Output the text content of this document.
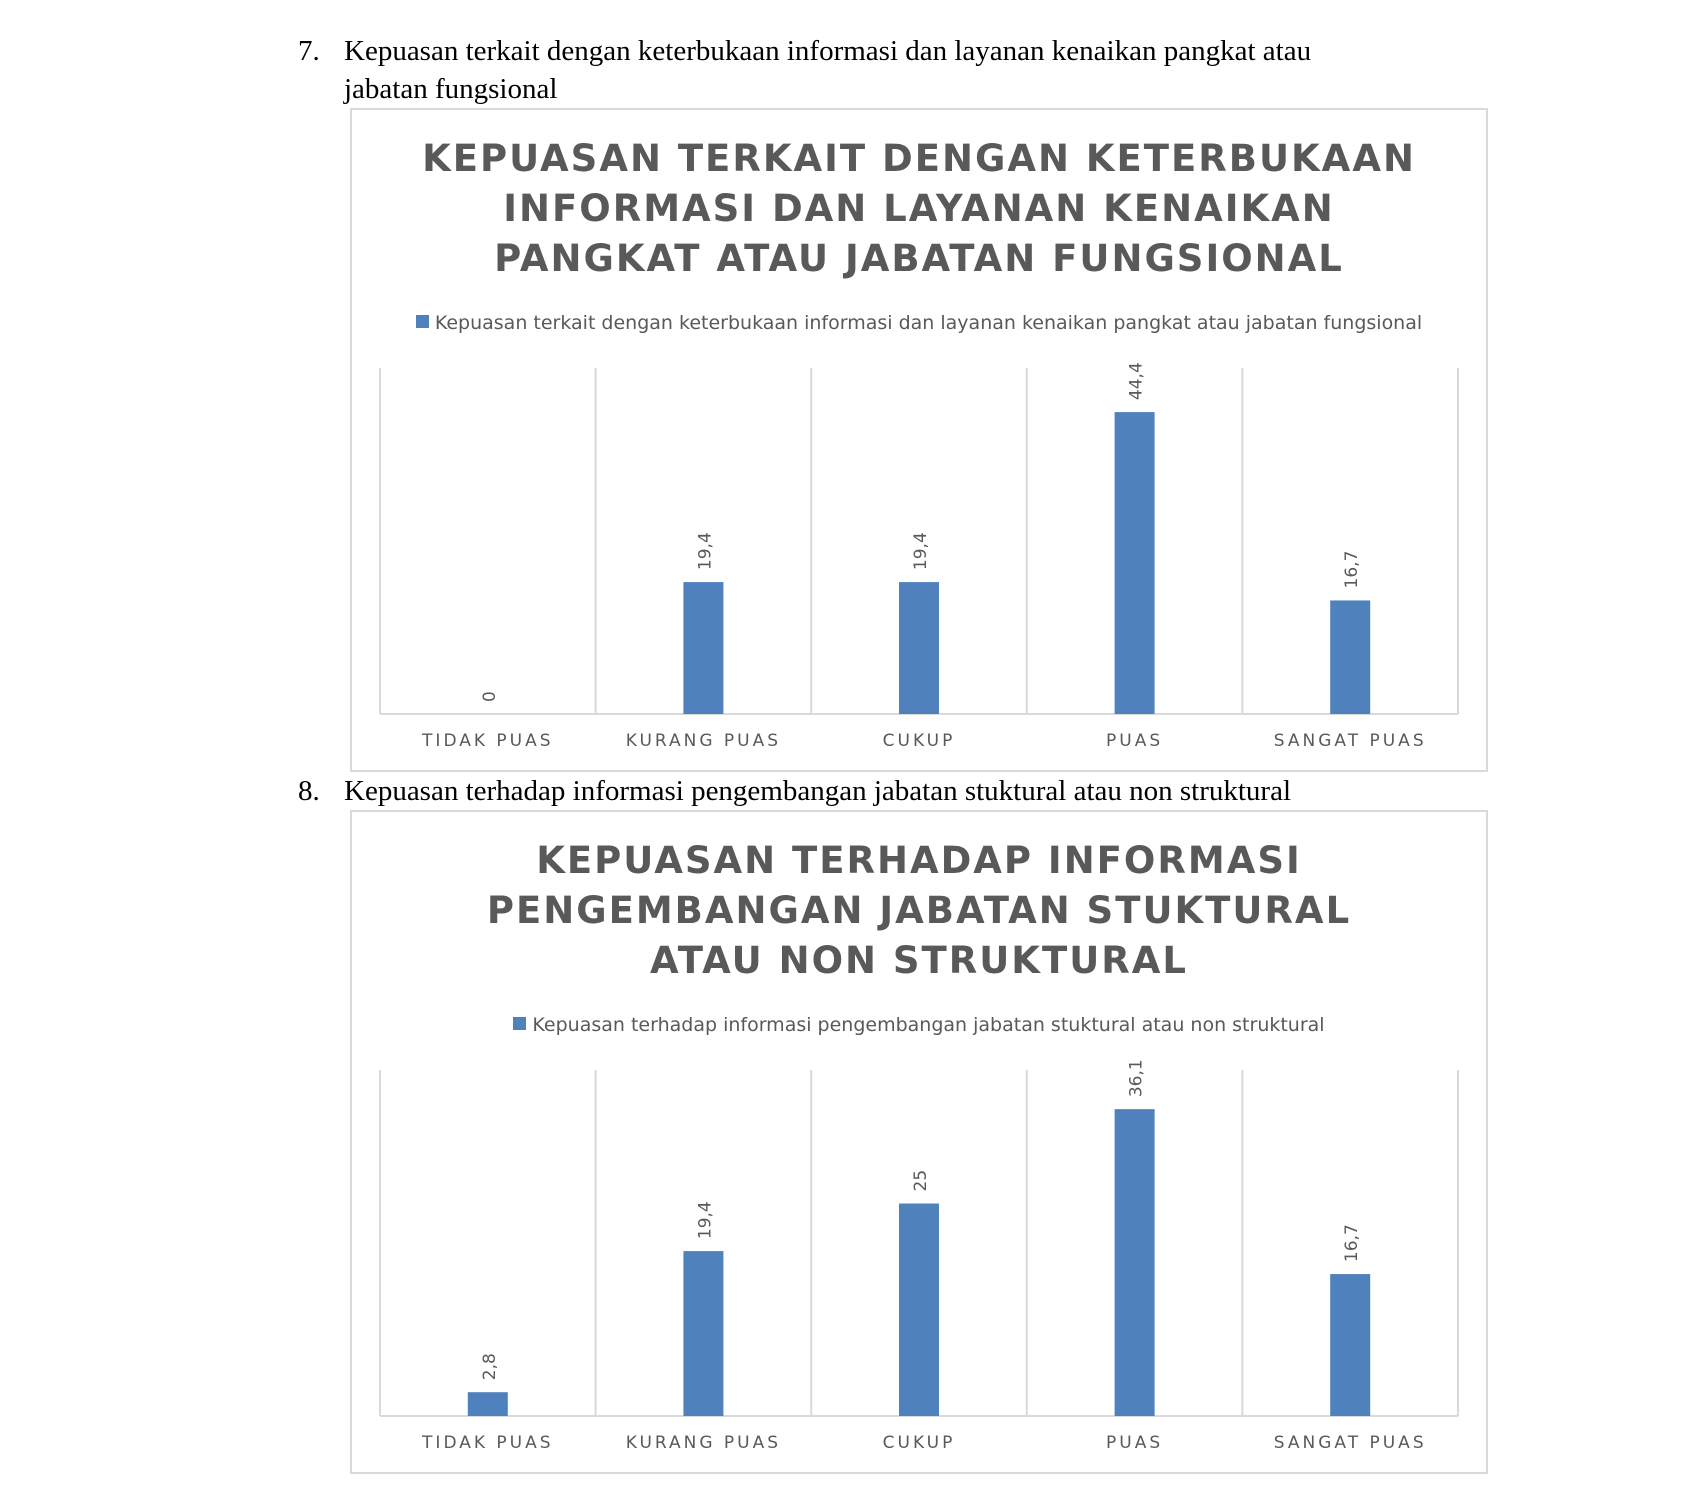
7. Kepuasan terkait dengan keterbukaan informasi dan layanan kenaikan pangkat atau
jabatan fungsional
KEPUASAN TERKAIT DENGAN KETERBUKAAN
INFORMASI DAN LAYANAN KENAIKAN
PANGKAT ATAU JABATAN FUNGSIONAL
Kepuasan terkait dengan keterbukaan informasi dan layanan kenaikan pangkat atau jabatan fungsional
0
TIDAK PUAS
19,4
KURANG PUAS
19,4
CUKUP
44,4
PUAS
16,7
SANGAT PUAS
8. Kepuasan terhadap informasi pengembangan jabatan stuktural atau non struktural
KEPUASAN TERHADAP INFORMASI
PENGEMBANGAN JABATAN STUKTURAL
ATAU NON STRUKTURAL
Kepuasan terhadap informasi pengembangan jabatan stuktural atau non struktural
2,8
TIDAK PUAS
19,4
KURANG PUAS
25
CUKUP
36,1
PUAS
16,7
SANGAT PUAS
